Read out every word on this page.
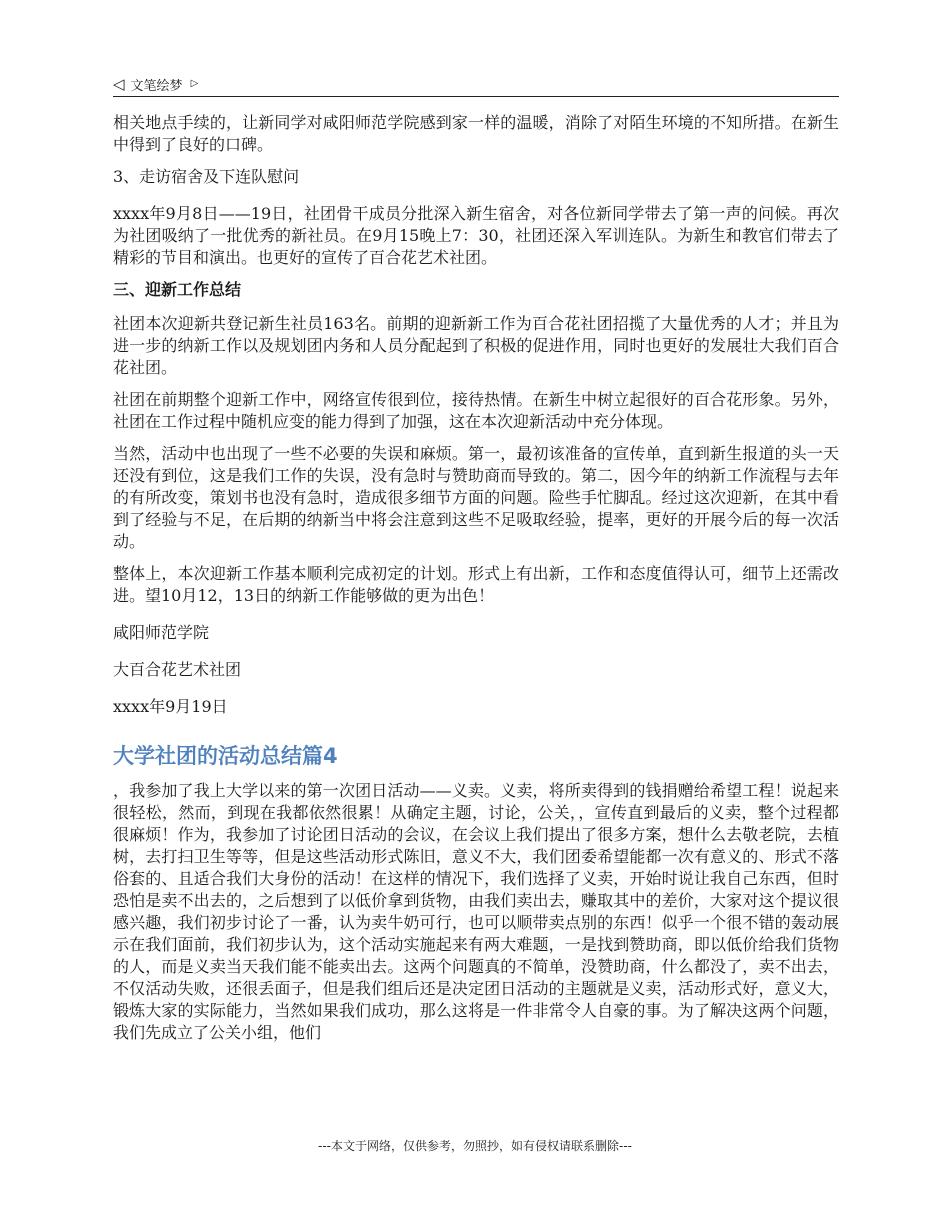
◁ 文笔绘梦 ▷

相关地点手续的，让新同学对咸阳师范学院感到家一样的温暖，消除了对陌生环境的不知所措。在新生中得到了良好的口碑。

3、走访宿舍及下连队慰问

xxxx年9月8日——19日，社团骨干成员分批深入新生宿舍，对各位新同学带去了第一声的问候。再次为社团吸纳了一批优秀的新社员。在9月15晚上7：30，社团还深入军训连队。为新生和教官们带去了精彩的节目和演出。也更好的宣传了百合花艺术社团。

三、迎新工作总结

社团本次迎新共登记新生社员163名。前期的迎新新工作为百合花社团招揽了大量优秀的人才；并且为进一步的纳新工作以及规划团内务和人员分配起到了积极的促进作用，同时也更好的发展壮大我们百合花社团。

社团在前期整个迎新工作中，网络宣传很到位，接待热情。在新生中树立起很好的百合花形象。另外，社团在工作过程中随机应变的能力得到了加强，这在本次迎新活动中充分体现。

当然，活动中也出现了一些不必要的失误和麻烦。第一，最初该准备的宣传单，直到新生报道的头一天还没有到位，这是我们工作的失误，没有急时与赞助商而导致的。第二，因今年的纳新工作流程与去年的有所改变，策划书也没有急时，造成很多细节方面的问题。险些手忙脚乱。经过这次迎新，在其中看到了经验与不足，在后期的纳新当中将会注意到这些不足吸取经验，提率，更好的开展今后的每一次活动。

整体上，本次迎新工作基本顺利完成初定的计划。形式上有出新，工作和态度值得认可，细节上还需改进。望10月12，13日的纳新工作能够做的更为出色！

咸阳师范学院

大百合花艺术社团

xxxx年9月19日

大学社团的活动总结篇4

，我参加了我上大学以来的第一次团日活动——义卖。义卖，将所卖得到的钱捐赠给希望工程！说起来很轻松，然而，到现在我都依然很累！从确定主题，讨论，公关，，宣传直到最后的义卖，整个过程都很麻烦！作为，我参加了讨论团日活动的会议，在会议上我们提出了很多方案，想什么去敬老院，去植树，去打扫卫生等等，但是这些活动形式陈旧，意义不大，我们团委希望能都一次有意义的、形式不落俗套的、且适合我们大身份的活动！在这样的情况下，我们选择了义卖，开始时说让我自己东西，但时恐怕是卖不出去的，之后想到了以低价拿到货物，由我们卖出去，赚取其中的差价，大家对这个提议很感兴趣，我们初步讨论了一番，认为卖牛奶可行，也可以顺带卖点别的东西！似乎一个很不错的轰动展示在我们面前，我们初步认为，这个活动实施起来有两大难题，一是找到赞助商，即以低价给我们货物的人，而是义卖当天我们能不能卖出去。这两个问题真的不简单，没赞助商，什么都没了，卖不出去，不仅活动失败，还很丢面子，但是我们组后还是决定团日活动的主题就是义卖，活动形式好，意义大，锻炼大家的实际能力，当然如果我们成功，那么这将是一件非常令人自豪的事。为了解决这两个问题，我们先成立了公关小组，他们

---本文于网络，仅供参考，勿照抄，如有侵权请联系删除---
